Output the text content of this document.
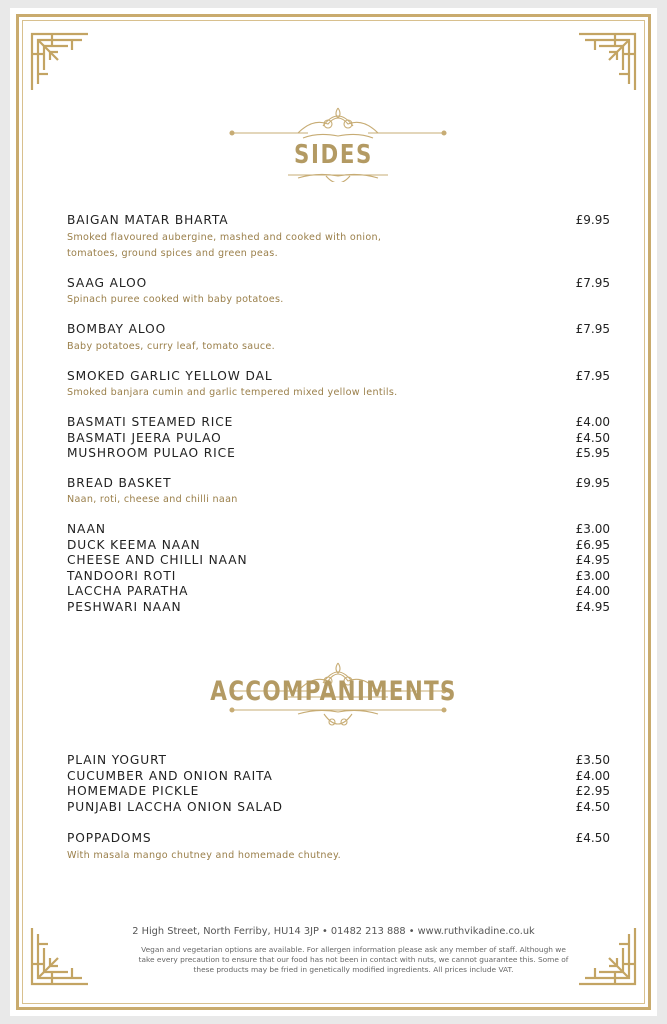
SIDES
BAIGAN MATAR BHARTA	£9.95
Smoked flavoured aubergine, mashed and cooked with onion,
tomatoes, ground spices and green peas.
SAAG ALOO	£7.95
Spinach puree cooked with baby potatoes.
BOMBAY ALOO	£7.95
Baby potatoes, curry leaf, tomato sauce.
SMOKED GARLIC YELLOW DAL	£7.95
Smoked banjara cumin and garlic tempered mixed yellow lentils.
BASMATI STEAMED RICE	£4.00
BASMATI JEERA PULAO	£4.50
MUSHROOM PULAO RICE	£5.95
BREAD BASKET	£9.95
Naan, roti, cheese and chilli naan
NAAN	£3.00
DUCK KEEMA NAAN	£6.95
CHEESE AND CHILLI NAAN	£4.95
TANDOORI ROTI	£3.00
LACCHA PARATHA	£4.00
PESHWARI NAAN	£4.95
ACCOMPANIMENTS
PLAIN YOGURT	£3.50
CUCUMBER AND ONION RAITA	£4.00
HOMEMADE PICKLE	£2.95
PUNJABI LACCHA ONION SALAD	£4.50
POPPADOMS	£4.50
With masala mango chutney and homemade chutney.
2 High Street, North Ferriby, HU14 3JP • 01482 213 888 • www.ruthvikadine.co.uk
Vegan and vegetarian options are available. For allergen information please ask any member of staff. Although we
take every precaution to ensure that our food has not been in contact with nuts, we cannot guarantee this. Some of
these products may be fried in genetically modified ingredients. All prices include VAT.
